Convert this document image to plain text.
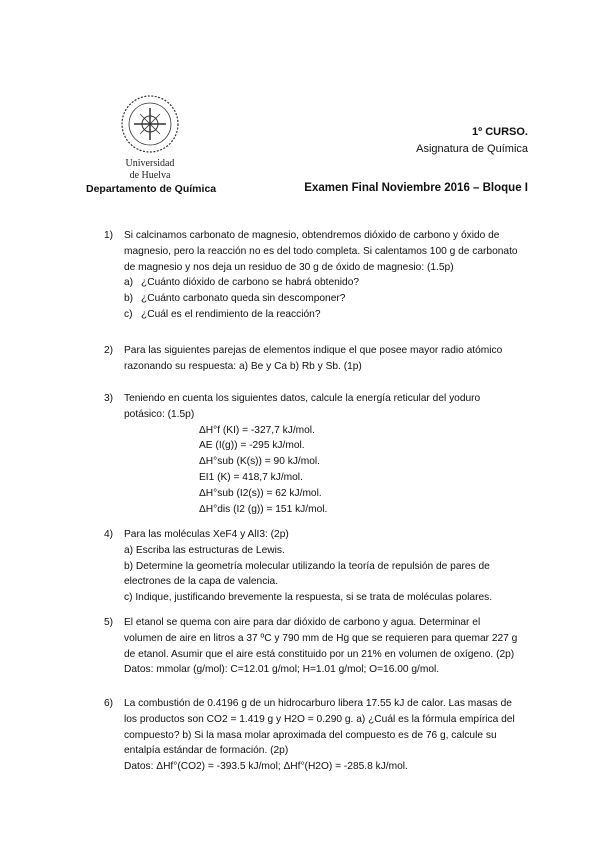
Universidad
de Huelva
1º CURSO.
Asignatura de Química
Departamento de Química	Examen Final Noviembre 2016 – Bloque I
1) Si calcinamos carbonato de magnesio, obtendremos dióxido de carbono y óxido de
magnesio, pero la reacción no es del todo completa. Si calentamos 100 g de carbonato
de magnesio y nos deja un residuo de 30 g de óxido de magnesio: (1.5p)
a) ¿Cuánto dióxido de carbono se habrá obtenido?
b) ¿Cuánto carbonato queda sin descomponer?
c) ¿Cuál es el rendimiento de la reacción?
2) Para las siguientes parejas de elementos indique el que posee mayor radio atómico
razonando su respuesta: a) Be y Ca b) Rb y Sb. (1p)
3) Teniendo en cuenta los siguientes datos, calcule la energía reticular del yoduro
potásico: (1.5p)
ΔH°f (KI) = -327,7 kJ/mol.
AE (I(g)) = -295 kJ/mol.
ΔH°sub (K(s)) = 90 kJ/mol.
EI1 (K) = 418,7 kJ/mol.
ΔH°sub (I2(s)) = 62 kJ/mol.
ΔH°dis (I2 (g)) = 151 kJ/mol.
4) Para las moléculas XeF4 y AlI3: (2p)
a) Escriba las estructuras de Lewis.
b) Determine la geometría molecular utilizando la teoría de repulsión de pares de
electrones de la capa de valencia.
c) Indique, justificando brevemente la respuesta, si se trata de moléculas polares.
5) El etanol se quema con aire para dar dióxido de carbono y agua. Determinar el
volumen de aire en litros a 37 ºC y 790 mm de Hg que se requieren para quemar 227 g
de etanol. Asumir que el aire está constituido por un 21% en volumen de oxígeno. (2p)
Datos: mmolar (g/mol): C=12.01 g/mol; H=1.01 g/mol; O=16.00 g/mol.
6) La combustión de 0.4196 g de un hidrocarburo libera 17.55 kJ de calor. Las masas de
los productos son CO2 = 1.419 g y H2O = 0.290 g. a) ¿Cuál es la fórmula empírica del
compuesto? b) Si la masa molar aproximada del compuesto es de 76 g, calcule su
entalpía estándar de formación. (2p)
Datos: ΔHf°(CO2) = -393.5 kJ/mol; ΔHf°(H2O) = -285.8 kJ/mol.
